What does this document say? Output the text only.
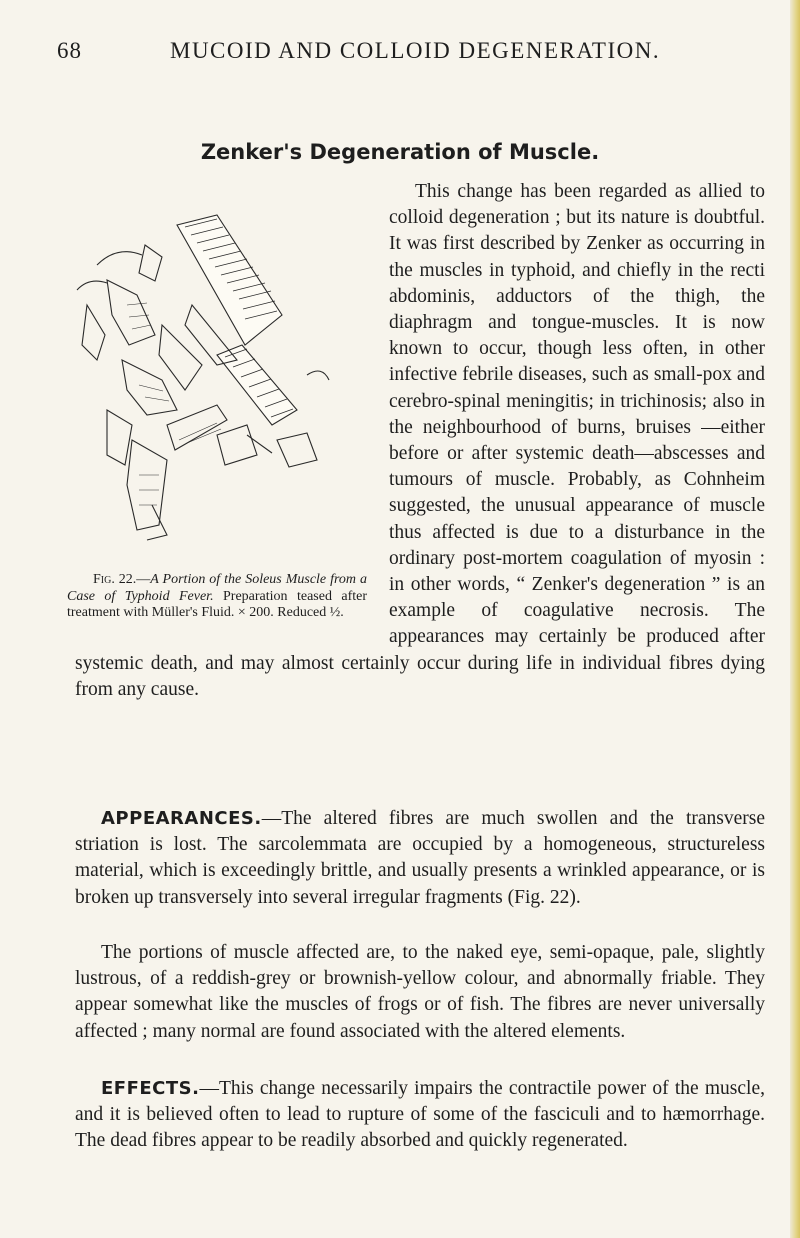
68	MUCOID AND COLLOID DEGENERATION.
Zenker's Degeneration of Muscle.
Fig. 22.—A Portion of the Soleus Muscle from a Case of Typhoid Fever. Preparation teased after treatment with Müller's Fluid. × 200. Reduced ½.
This change has been regarded as allied to colloid degeneration ; but its nature is doubtful. It was first described by Zenker as occurring in the muscles in typhoid, and chiefly in the recti abdominis, adductors of the thigh, the diaphragm and tongue-muscles. It is now known to occur, though less often, in other infective febrile diseases, such as small-pox and cerebro-spinal meningitis; in trichinosis; also in the neighbourhood of burns, bruises —either before or after systemic death—abscesses and tumours of muscle. Probably, as Cohnheim suggested, the unusual appearance of muscle thus affected is due to a disturbance in the ordinary post-mortem coagulation of myosin : in other words, “ Zenker's degeneration ” is an example of coagulative necrosis. The appearances may certainly be produced after systemic death, and may almost certainly occur during life in individual fibres dying from any cause.
APPEARANCES.—The altered fibres are much swollen and the transverse striation is lost. The sarcolemmata are occupied by a homogeneous, structureless material, which is exceedingly brittle, and usually presents a wrinkled appearance, or is broken up transversely into several irregular fragments (Fig. 22).
The portions of muscle affected are, to the naked eye, semi-opaque, pale, slightly lustrous, of a reddish-grey or brownish-yellow colour, and abnormally friable. They appear somewhat like the muscles of frogs or of fish. The fibres are never universally affected ; many normal are found associated with the altered elements.
EFFECTS.—This change necessarily impairs the contractile power of the muscle, and it is believed often to lead to rupture of some of the fasciculi and to hæmorrhage. The dead fibres appear to be readily absorbed and quickly regenerated.
